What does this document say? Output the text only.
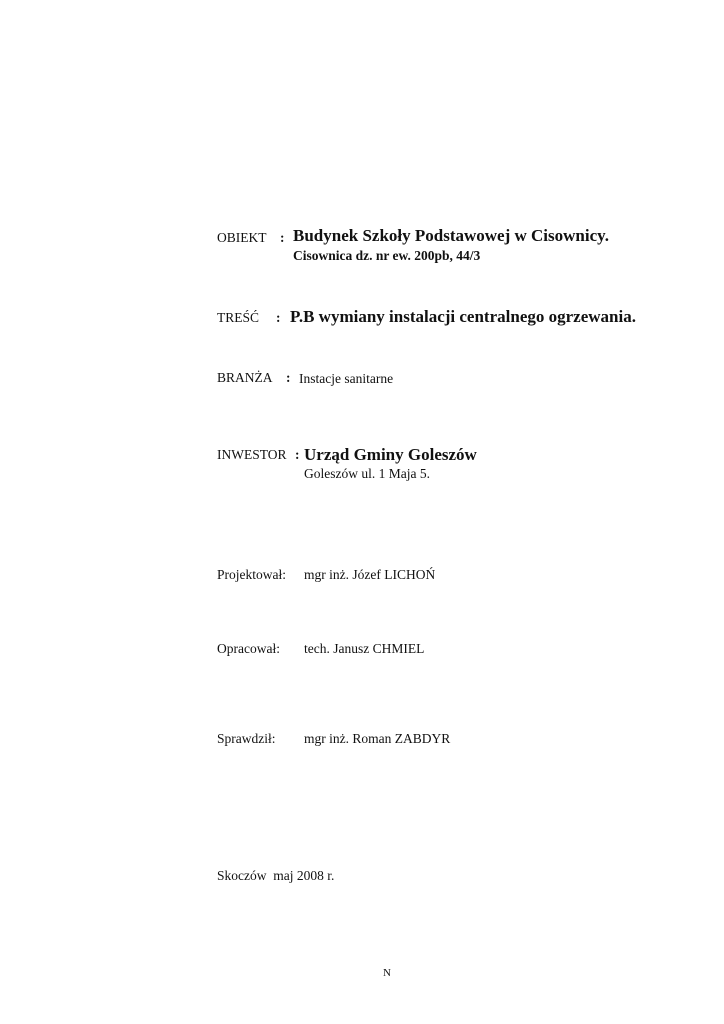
OBIEKT : Budynek Szkoły Podstawowej w Cisownicy.
Cisownica dz. nr ew. 200pb, 44/3
TREŚĆ : P.B wymiany instalacji centralnego ogrzewania.
BRANŻA : Instacje sanitarne
INWESTOR : Urząd Gminy Goleszów
Goleszów ul. 1 Maja 5.
Projektował: mgr inż. Józef LICHOŃ
Opracował: tech. Janusz CHMIEL
Sprawdził: mgr inż. Roman ZABDYR
Skoczów  maj 2008 r.
N
